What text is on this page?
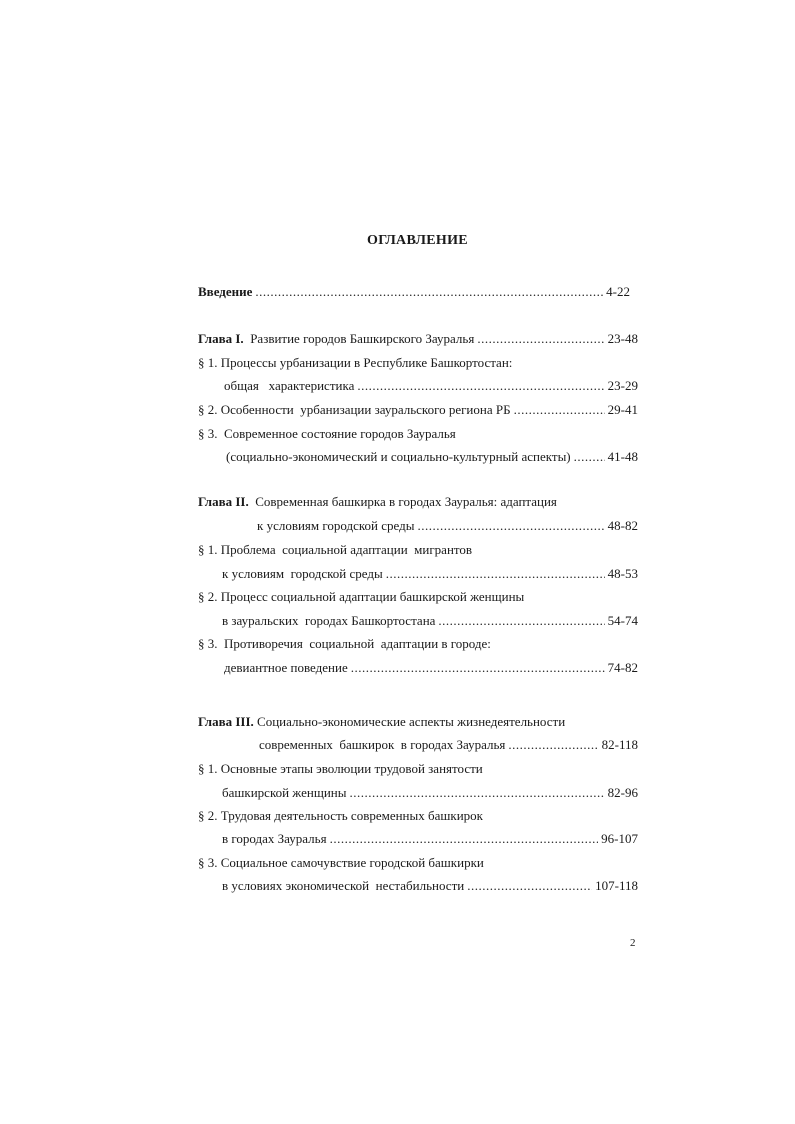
ОГЛАВЛЕНИЕ
Введение .....	4-22
Глава I. Развитие городов Башкирского Зауралья .....	23-48
§ 1. Процессы урбанизации в Республике Башкортостан:
общая   характеристика .....	23-29
§ 2. Особенности  урбанизации зауральского региона РБ .....	29-41
§ 3.  Современное состояние городов Зауралья
(социально-экономический и социально-культурный аспекты) .....	41-48
Глава II. Современная башкирка в городах Зауралья: адаптация
к условиям городской среды .....	48-82
§ 1. Проблема  социальной адаптации  мигрантов
к условиям  городской среды .....	48-53
§ 2. Процесс социальной адаптации башкирской женщины
в зауральских  городах Башкортостана .....	54-74
§ 3.  Противоречия  социальной  адаптации в городе:
девиантное поведение .....	74-82
Глава III. Социально-экономические аспекты жизнедеятельности
современных  башкирок  в городах Зауралья .....	82-118
§ 1. Основные этапы эволюции трудовой занятости
башкирской женщины .....	82-96
§ 2. Трудовая деятельность современных башкирок
в городах Зауралья .....	96-107
§ 3. Социальное самочувствие городской башкирки
в условиях экономической  нестабильности .....	107-118
2
